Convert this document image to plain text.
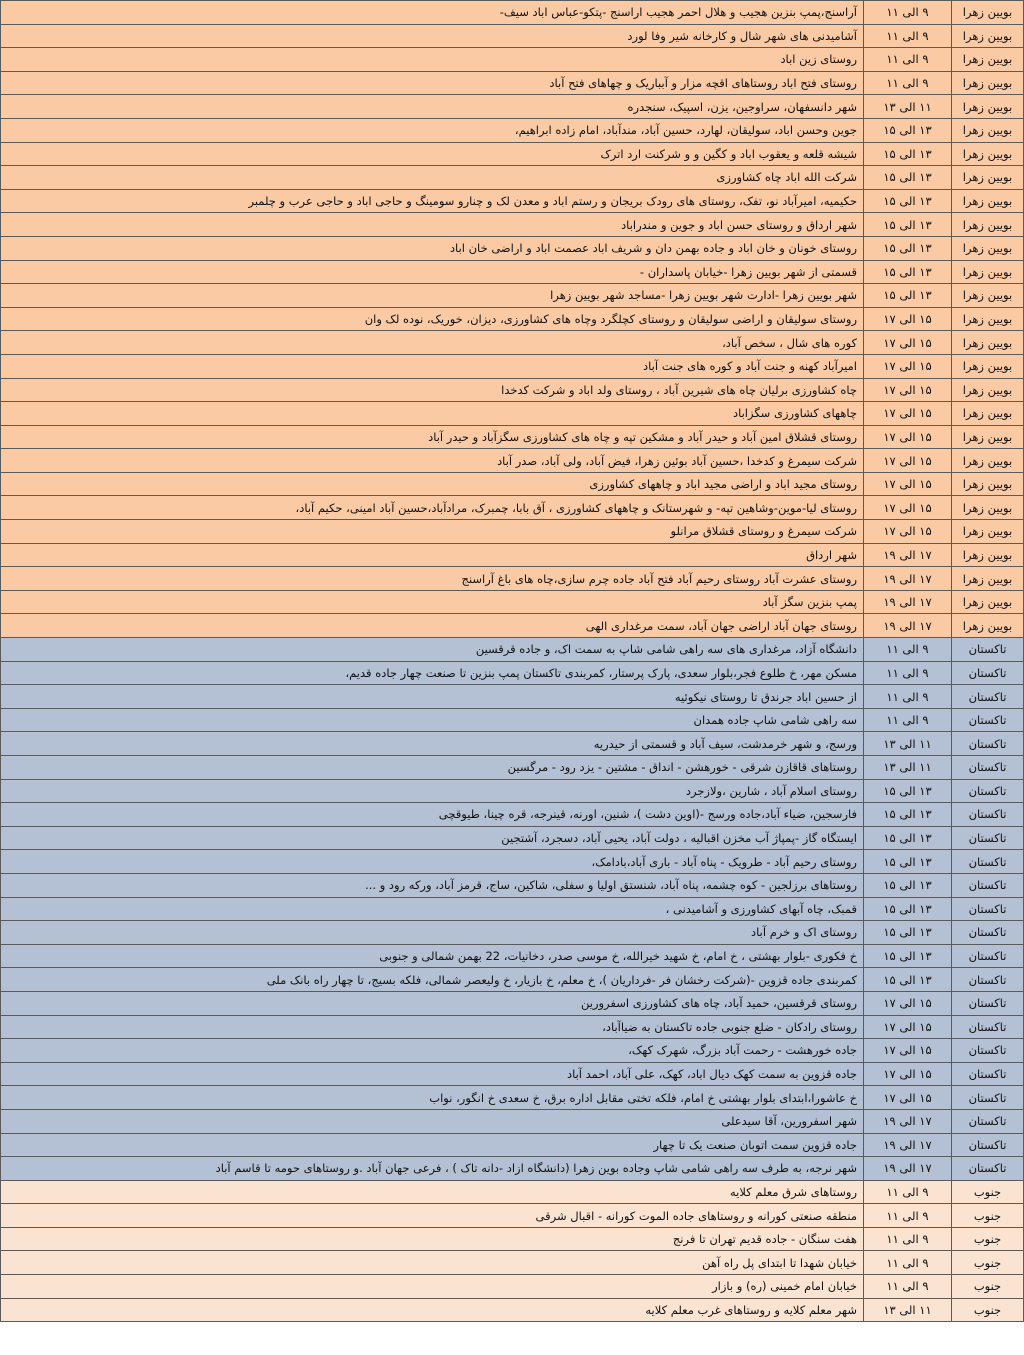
بویین زهرا	۹ الی ۱۱	آراسنج،پمپ بنزین هجیب و هلال احمر هجیب اراسنج -پتکو-عباس اباد سیف-
بویین زهرا	۹ الی ۱۱	آشامیدنی های شهر شال و کارخانه شیر وفا لورد
بویین زهرا	۹ الی ۱۱	روستای زین اباد
بویین زهرا	۹ الی ۱۱	روستای فتح اباد روستاهای اقچه مزار و آبباریک و چهاهای فتح آباد
بویین زهرا	۱۱ الی ۱۳	شهر دانسفهان، سراوجین، یزن، اسپیک، سنجدره
بویین زهرا	۱۳ الی ۱۵	جوین وحسن اباد، سولیقان، لهارد، حسین آباد، مندآباد، امام زاده ابراهیم،
بویین زهرا	۱۳ الی ۱۵	شیشه قلعه و یعقوب اباد و کگین و و شرکنت ارد اترک
بویین زهرا	۱۳ الی ۱۵	شرکت الله اباد چاه کشاورزی
بویین زهرا	۱۳ الی ۱۵	حکیمیه، امیرآباد نو، تفک، روستای های رودک بریجان و رستم اباد و معدن لک و چنارو سومینگ و حاجی اباد و حاجی عرب و چلمبر
بویین زهرا	۱۳ الی ۱۵	شهر ارداق و روستای حسن اباد و جوین و مندراباد
بویین زهرا	۱۳ الی ۱۵	روستای خونان و خان اباد و جاده بهمن دان و شریف اباد عصمت اباد و اراضی خان اباد
بویین زهرا	۱۳ الی ۱۵	قسمتی از شهر بویین زهرا -خیابان پاسداران -
بویین زهرا	۱۳ الی ۱۵	شهر بویین زهرا -ادارت شهر بویین زهرا -مساجد شهر بویین زهرا
بویین زهرا	۱۵ الی ۱۷	روستای سولیقان و اراضی سولیقان و روستای کچلگرد وچاه های کشاورزی، دیزان، خوریک، نوده لک وان
بویین زهرا	۱۵ الی ۱۷	کوره های شال ، سخص آباد،
بویین زهرا	۱۵ الی ۱۷	امیرآباد کهنه و جنت آباد و کوره های جنت آباد
بویین زهرا	۱۵ الی ۱۷	چاه کشاورزی برلیان چاه های شیرین آباد ، روستای ولد اباد و شرکت کدخدا
بویین زهرا	۱۵ الی ۱۷	چاههای کشاورزی سگزاباد
بویین زهرا	۱۵ الی ۱۷	روستای قشلاق امین آباد و حیدر آباد و مشکین تپه و چاه های کشاورزی سگزآباد و حیدر آباد
بویین زهرا	۱۵ الی ۱۷	شرکت سیمرغ و کدخدا ،حسین آباد بوئین زهرا، فیض آباد، ولی آباد، صدر آباد
بویین زهرا	۱۵ الی ۱۷	روستای مجید اباد و اراضی مجید اباد و چاههای کشاورزی
بویین زهرا	۱۵ الی ۱۷	روستای لیا-موین-وشاهین تپه- و شهرستانک و چاههای کشاورزی ، آق بابا، چمبرک، مرادآباد،حسین آباد امینی، حکیم آباد،
بویین زهرا	۱۵ الی ۱۷	شرکت سیمرغ و روستای قشلاق مرانلو
بویین زهرا	۱۷ الی ۱۹	شهر ارداق
بویین زهرا	۱۷ الی ۱۹	روستای عشرت آباد روستای رحیم آباد فتح آباد جاده چرم سازی،چاه های باغ آراسنج
بویین زهرا	۱۷ الی ۱۹	پمپ بنزین سگز آباد
بویین زهرا	۱۷ الی ۱۹	روستای جهان آباد اراضی جهان آباد، سمت مرغداری الهی
تاکستان	۹ الی ۱۱	دانشگاه آزاد، مرغداری های سه راهی شامی شاپ به سمت اک، و جاده قرقسین
تاکستان	۹ الی ۱۱	مسکن مهر، خ طلوع فجر،بلوار سعدی، پارک پرستار، کمربندی تاکستان پمپ بنزین تا صنعت چهار جاده قدیم،
تاکستان	۹ الی ۱۱	از حسین اباد جرندق تا روستای نیکوئیه
تاکستان	۹ الی ۱۱	سه راهی شامی شاپ جاده همدان
تاکستان	۱۱ الی ۱۳	ورسج، و شهر خرمدشت، سیف آباد و قسمتی از حیدریه
تاکستان	۱۱ الی ۱۳	روستاهای قاقازن شرقی - خورهشن - انداق - مشتین - یزد رود - مرگسین
تاکستان	۱۳ الی ۱۵	روستای اسلام آباد ، شارین ،ولازجرد
تاکستان	۱۳ الی ۱۵	فارسجین، ضیاء آباد،جاده ورسج -(اوین دشت )، شنین، اورنه، قینرجه، قره چینا، طیوقچی
تاکستان	۱۳ الی ۱۵	ایستگاه گاز -پمپاژ آب مخزن اقبالیه ، دولت آباد، یحیی آباد، دسجرد، آشتجین
تاکستان	۱۳ الی ۱۵	روستای رحیم آباد - طرویک - پناه آباد - باری آباد،بادامک،
تاکستان	۱۳ الی ۱۵	روستاهای برزلجین - کوه چشمه، پناه آباد، شنستق اولیا و سفلی، شاکین، ساج، قرمز آباد، ورکه رود و ...
تاکستان	۱۳ الی ۱۵	قمبک، چاه آبهای کشاورزی و آشامیدنی ،
تاکستان	۱۳ الی ۱۵	روستای اک و خرم آباد
تاکستان	۱۳ الی ۱۵	خ فکوری -بلوار بهشتی ، خ امام، خ شهید خیرالله، خ موسی صدر، دخانیات، 22 بهمن شمالی و جنوبی
تاکستان	۱۳ الی ۱۵	کمربندی جاده قزوین -(شرکت رخشان فر -فرداریان )، خ معلم، خ بازیار، خ ولیعصر شمالی، فلکه بسیج، تا چهار راه بانک ملی
تاکستان	۱۵ الی ۱۷	روستای قرقسین، حمید آباد، چاه های کشاورزی اسفرورین
تاکستان	۱۵ الی ۱۷	روستای رادکان - ضلع جنوبی جاده تاکستان به ضیاآباد،
تاکستان	۱۵ الی ۱۷	جاده خورهشت - رحمت آباد بزرگ، شهرک کهک،
تاکستان	۱۵ الی ۱۷	جاده قزوین به سمت کهک دیال اباد، کهک، علی آباد، احمد آباد
تاکستان	۱۵ الی ۱۷	خ عاشورا،ابتدای بلوار بهشتی خ امام، فلکه تختی مقابل اداره برق، خ سعدی خ انگور، نواب
تاکستان	۱۷ الی ۱۹	شهر اسفرورین، آقا سیدعلی
تاکستان	۱۷ الی ۱۹	جاده قزوین سمت اتوبان صنعت یک تا چهار
تاکستان	۱۷ الی ۱۹	شهر نرجه، به طرف سه راهی شامی شاپ وجاده بوین زهرا (دانشگاه ازاد -دانه تاک ) ، فرعی جهان آباد .و روستاهای حومه تا قاسم آباد
جنوب	۹ الی ۱۱	روستاهای شرق معلم کلایه
جنوب	۹ الی ۱۱	منطقه صنعتی کورانه و روستاهای جاده الموت کورانه - اقبال شرقی
جنوب	۹ الی ۱۱	هفت سنگان - جاده قدیم تهران تا فرنج
جنوب	۹ الی ۱۱	خیابان شهدا تا ابتدای پل راه آهن
جنوب	۹ الی ۱۱	خیابان امام خمینی (ره) و بازار
جنوب	۱۱ الی ۱۳	شهر معلم کلایه و روستاهای غرب معلم کلایه
